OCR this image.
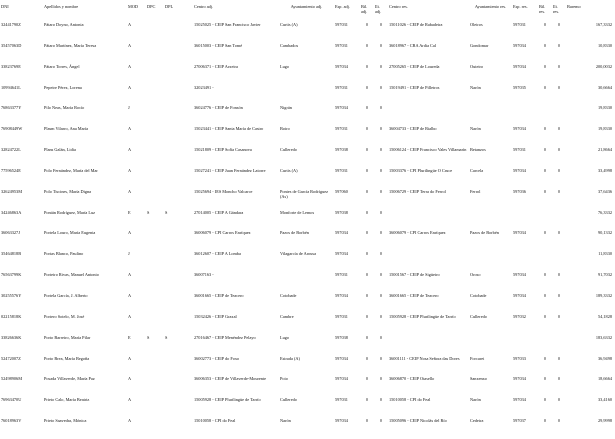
DNI	Apellidos y nombre	MOD	DPC	DPL	Centro adj.	Ayuntamiento adj.	Esp. adj.	Bil. adj.	Ili. adj.	Centro res.	Ayuntamiento res.	Esp. res.	Bil. res.	Ili. res.	Baremo
32441790Z	Pátaro Doyno, Antonia	A			15025025 - CEIP San Francisco Javier	Curtis (A)	597031	0	0	15011026 - CEIP de Rabadeira	Oleiros	597031	0	0	167,3332
35457063D	Pátaro Martínez, María Teresa	A			36015003 - CEIP San Tomé	Cambados	597031	0	0	36018967 - CRA Ardia Cal	Gondomar	597034	0	0	10,8330
33823769E	Pátaro Torres, Ángel	A			27006371 - CEIP Arxeira	Lugo	597034	0	0	27005265 - CEIP de Loureda	Outeiro	597034	0	0	200,0032
10994641L	Pepeire Pérez, Lorena	A			32023491 -		597031	0	0	15019491 - CEIP de Pilletros	Narón	597035	0	0	30,6664
76863377Y	Pilo Neas, María Rocío	J			36024776 - CEIP de Fonsón	Nigrán	597034	0	0						19,8330
76908449W	Plasm Vilarro, Ana María	A			15023441 - CEIP Santa María de Castro	Boiro	597031	0	0	36004733 - CEIP de Rialbo	Narón	597034	0	0	19,8330
32824722L	Plans Galán, Lidia	A			15021809 - CEIP Sofía Casanova	Culleredo	597038	0	0	15006124 - CEIP Francisco Vales Villamarín	Betanzos	597031	0	0	21,8664
77596524E	Polo Fernández, María del Mar	A			15027241 - CEIP Juan Fernández Latorre	Curtis (A)	597031	0	0	15003376 - CPI Plurilingüe O Cruce	Carcela	597034	0	0	33,4998
32624953M	Polo Tiscines, María Digna	A			15025694 - IES Moncho Valcarce	Pontes de García Rodríguez (As)	597060	0	0	15006729 - CEIP Terra do Ferrol	Ferrol	597036	0	0	37,6436
34246863A	Pontán Rodríguez, María Luz	E	S	S	27014005 - CEIP A Gándara	Monforte de Lemos	597038	0	0						76,3332
36063327J	Portela Louro, María Eugenia	A			36006079 - CPI Carros Enríquez	Pazos de Borbén	597034	0	0	36006079 - CPI Carros Enríquez	Pazos de Borbén	597034	0	0	90,1332
35464818B	Portas Blanco, Paulino	J			36012607 - CEIP A Lomba	Vilagarcía de Arousa	597034	0	0						11,8330
76563799K	Porteiro Rivas, Manuel Antonio	A			36007163 -		597031	0	0	15001567 - CEIP de Sigüeiro	Oroso	597034	0	0	91,7032
30255576Y	Portela García, J. Alberto	A			36001665 - CEIP de Teacero	Cotobade	597034	0	0	36001665 - CEIP de Teacero	Cotobade	597034	0	0	189,3332
02215818K	Portero Sotelo, M. José	A			15032426 - CEIP Graxal	Cambre	597031	0	0	15005928 - CEIP Plurilingüe de Tarrío	Culleredo	597032	0	0	54,1828
33826636K	Porto Barreiro, María Pilar	E	S	S	27016467 - CEIP Menéndez Pelayo	Lugo	597038	0	0						183,6332
52472007Z	Porto Brea, María Begoña	A			36002773 - CEIP do Foxo	Estrada (A)	597034	0	0	36001111 - CEIP Nosa Señora das Dores	Forcarei	597033	0	0	36,9498
52498906M	Posada Villaverde, María Paz	A			36006353 - CEIP de Villaverde-Mourente	Poio	597034	0	0	36006870 - CEIP Otasello	Sanxenxo	597034	0	0	18,6664
76963470U	Prieto Calo, María Beatriz	A			15005928 - CEIP Plurilingüe de Tarrío	Culleredo	597031	0	0	15010058 - CPI do Feal	Narón	597034	0	0	33,4160
76018963V	Prieto Saavedra, Mónica	A			15010058 - CPI do Feal	Narón	597034	0	0	15005096 - CEIP Nicolás del Río	Cedeira	597037	0	0	29,9998
